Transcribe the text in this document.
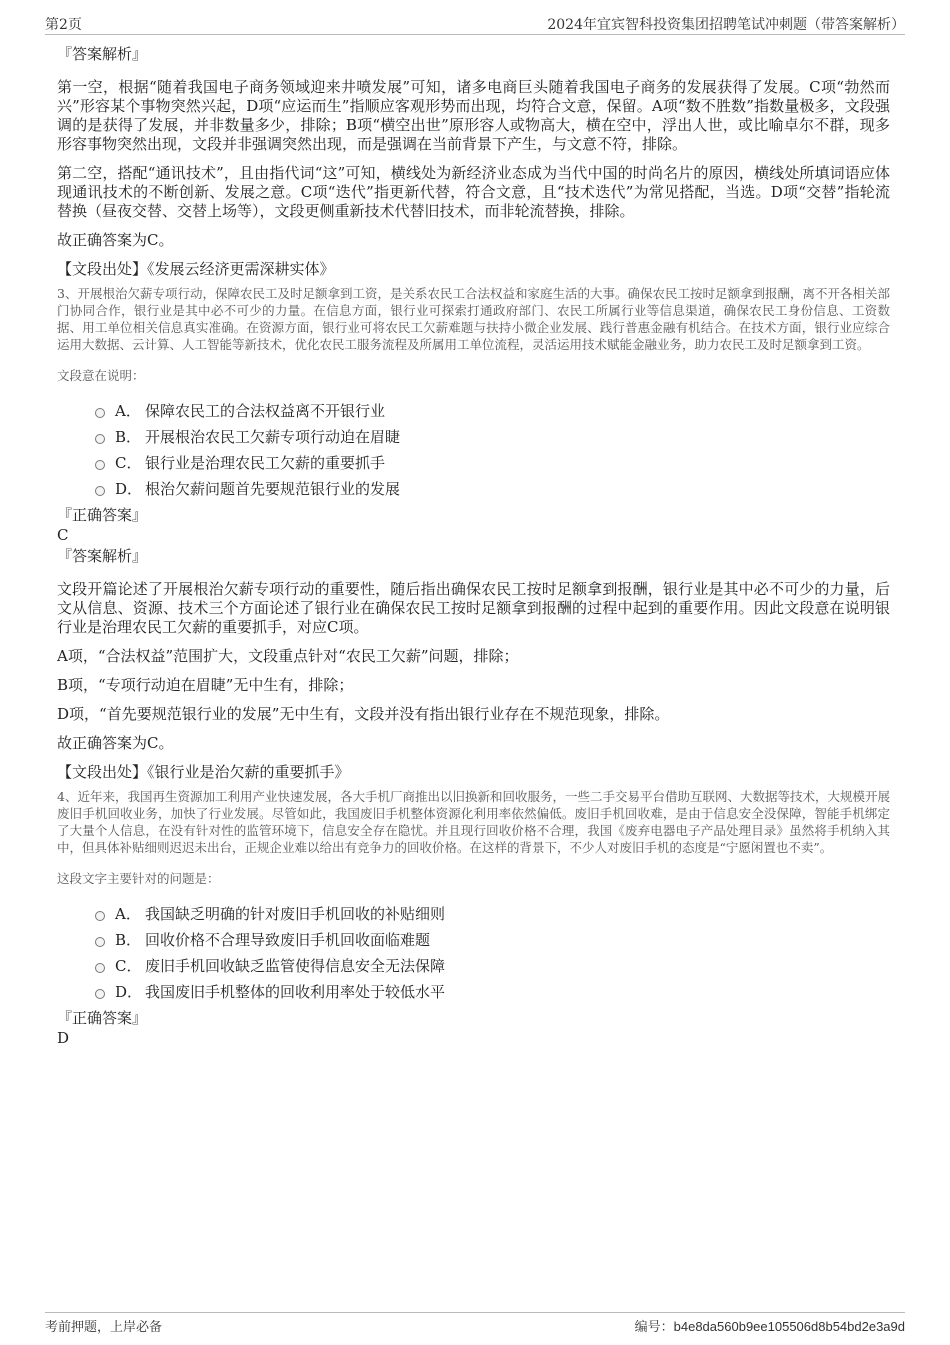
第2页	2024年宜宾智科投资集团招聘笔试冲刺题（带答案解析）
『答案解析』

第一空，根据“随着我国电子商务领域迎来井喷发展”可知，诸多电商巨头随着我国电子商务的发展获得了发展。C项“勃然而兴”形容某个事物突然兴起，D项“应运而生”指顺应客观形势而出现，均符合文意，保留。A项“数不胜数”指数量极多，文段强调的是获得了发展，并非数量多少，排除；B项“横空出世”原形容人或物高大，横在空中，浮出人世，或比喻卓尔不群，现多形容事物突然出现，文段并非强调突然出现，而是强调在当前背景下产生，与文意不符，排除。

第二空，搭配“通讯技术”，且由指代词“这”可知，横线处为新经济业态成为当代中国的时尚名片的原因，横线处所填词语应体现通讯技术的不断创新、发展之意。C项“迭代”指更新代替，符合文意，且“技术迭代”为常见搭配，当选。D项“交替”指轮流替换（昼夜交替、交替上场等），文段更侧重新技术代替旧技术，而非轮流替换，排除。

故正确答案为C。

【文段出处】《发展云经济更需深耕实体》

3、开展根治欠薪专项行动，保障农民工及时足额拿到工资，是关系农民工合法权益和家庭生活的大事。确保农民工按时足额拿到报酬，离不开各相关部门协同合作，银行业是其中必不可少的力量。在信息方面，银行业可探索打通政府部门、农民工所属行业等信息渠道，确保农民工身份信息、工资数据、用工单位相关信息真实准确。在资源方面，银行业可将农民工欠薪难题与扶持小微企业发展、践行普惠金融有机结合。在技术方面，银行业应综合运用大数据、云计算、人工智能等新技术，优化农民工服务流程及所属用工单位流程，灵活运用技术赋能金融业务，助力农民工及时足额拿到工资。

文段意在说明：

A． 保障农民工的合法权益离不开银行业
B． 开展根治农民工欠薪专项行动迫在眉睫
C． 银行业是治理农民工欠薪的重要抓手
D． 根治欠薪问题首先要规范银行业的发展
『正确答案』
C
『答案解析』

文段开篇论述了开展根治欠薪专项行动的重要性，随后指出确保农民工按时足额拿到报酬，银行业是其中必不可少的力量，后文从信息、资源、技术三个方面论述了银行业在确保农民工按时足额拿到报酬的过程中起到的重要作用。因此文段意在说明银行业是治理农民工欠薪的重要抓手，对应C项。

A项，“合法权益”范围扩大，文段重点针对“农民工欠薪”问题，排除；

B项，“专项行动迫在眉睫”无中生有，排除；

D项，“首先要规范银行业的发展”无中生有，文段并没有指出银行业存在不规范现象，排除。

故正确答案为C。

【文段出处】《银行业是治欠薪的重要抓手》

4、近年来，我国再生资源加工利用产业快速发展，各大手机厂商推出以旧换新和回收服务，一些二手交易平台借助互联网、大数据等技术，大规模开展废旧手机回收业务，加快了行业发展。尽管如此，我国废旧手机整体资源化利用率依然偏低。废旧手机回收难，是由于信息安全没保障，智能手机绑定了大量个人信息，在没有针对性的监管环境下，信息安全存在隐忧。并且现行回收价格不合理，我国《废弃电器电子产品处理目录》虽然将手机纳入其中，但具体补贴细则迟迟未出台，正规企业难以给出有竞争力的回收价格。在这样的背景下，不少人对废旧手机的态度是“宁愿闲置也不卖”。

这段文字主要针对的问题是：

A． 我国缺乏明确的针对废旧手机回收的补贴细则
B． 回收价格不合理导致废旧手机回收面临难题
C． 废旧手机回收缺乏监管使得信息安全无法保障
D． 我国废旧手机整体的回收利用率处于较低水平
『正确答案』
D
考前押题，上岸必备	编号：b4e8da560b9ee105506d8b54bd2e3a9d
